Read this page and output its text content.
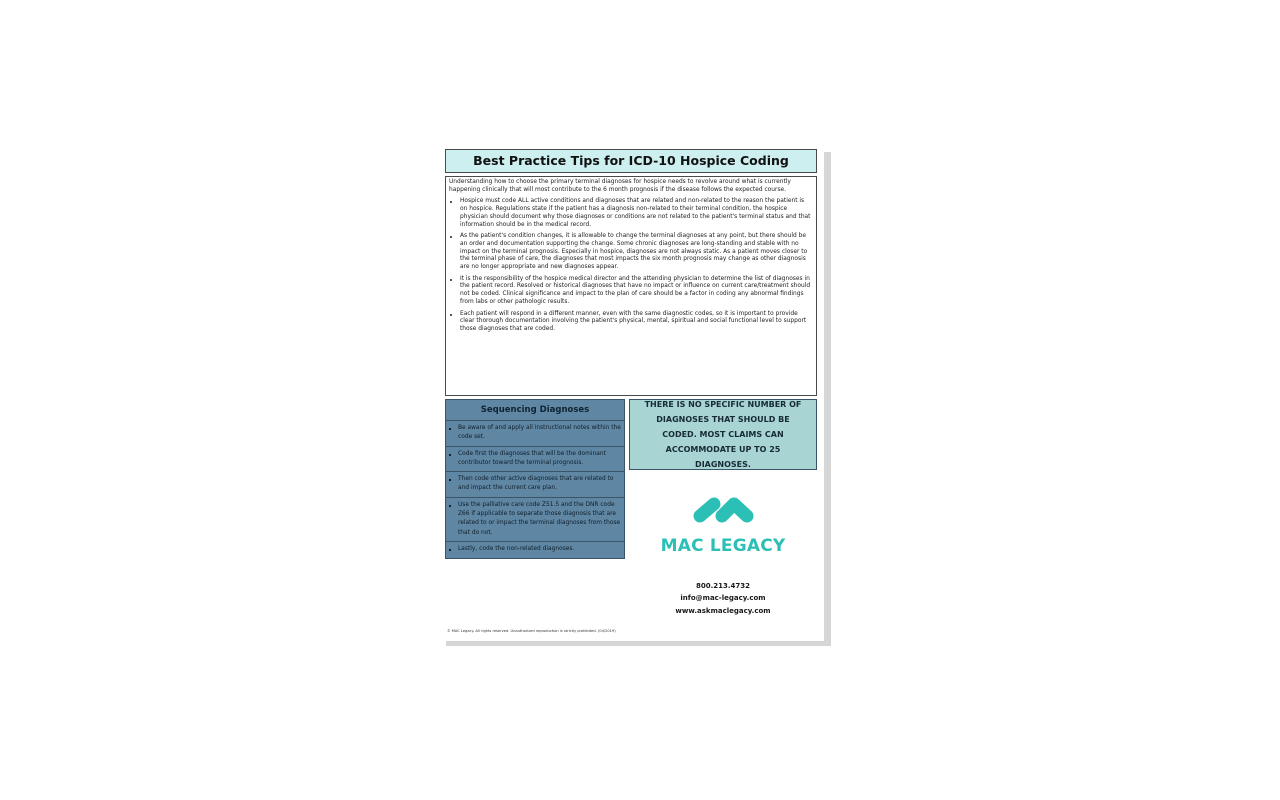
Best Practice Tips for ICD-10 Hospice Coding

Understanding how to choose the primary terminal diagnoses for hospice needs to revolve around what is currently happening clinically that will most contribute to the 6 month prognosis if the disease follows the expected course.

Hospice must code ALL active conditions and diagnoses that are related and non-related to the reason the patient is on hospice. Regulations state if the patient has a diagnosis non-related to their terminal condition, the hospice physician should document why those diagnoses or conditions are not related to the patient's terminal status and that information should be in the medical record.
As the patient's condition changes, it is allowable to change the terminal diagnoses at any point, but there should be an order and documentation supporting the change. Some chronic diagnoses are long-standing and stable with no impact on the terminal prognosis. Especially in hospice, diagnoses are not always static. As a patient moves closer to the terminal phase of care, the diagnoses that most impacts the six month prognosis may change as other diagnosis are no longer appropriate and new diagnoses appear.
It is the responsibility of the hospice medical director and the attending physician to determine the list of diagnoses in the patient record. Resolved or historical diagnoses that have no impact or influence on current care/treatment should not be coded. Clinical significance and impact to the plan of care should be a factor in coding any abnormal findings from labs or other pathologic results.
Each patient will respond in a different manner, even with the same diagnostic codes, so it is important to provide clear thorough documentation involving the patient's physical, mental, spiritual and social functional level to support those diagnoses that are coded.
Sequencing Diagnoses
Be aware of and apply all instructional notes within the code set.
Code first the diagnoses that will be the dominant contributor toward the terminal prognosis.
Then code other active diagnoses that are related to and impact the current care plan.
Use the palliative care code Z51.5 and the DNR code Z66 if applicable to separate those diagnosis that are related to or impact the terminal diagnoses from those that do not.
Lastly, code the non-related diagnoses.
THERE IS NO SPECIFIC NUMBER OF DIAGNOSES THAT SHOULD BE CODED. MOST CLAIMS CAN ACCOMMODATE UP TO 25 DIAGNOSES.
MAC LEGACY
800.213.4732
info@mac-legacy.com
www.askmaclegacy.com
© MAC Legacy. All rights reserved. Unauthorized reproduction is strictly prohibited. (04/2019)
